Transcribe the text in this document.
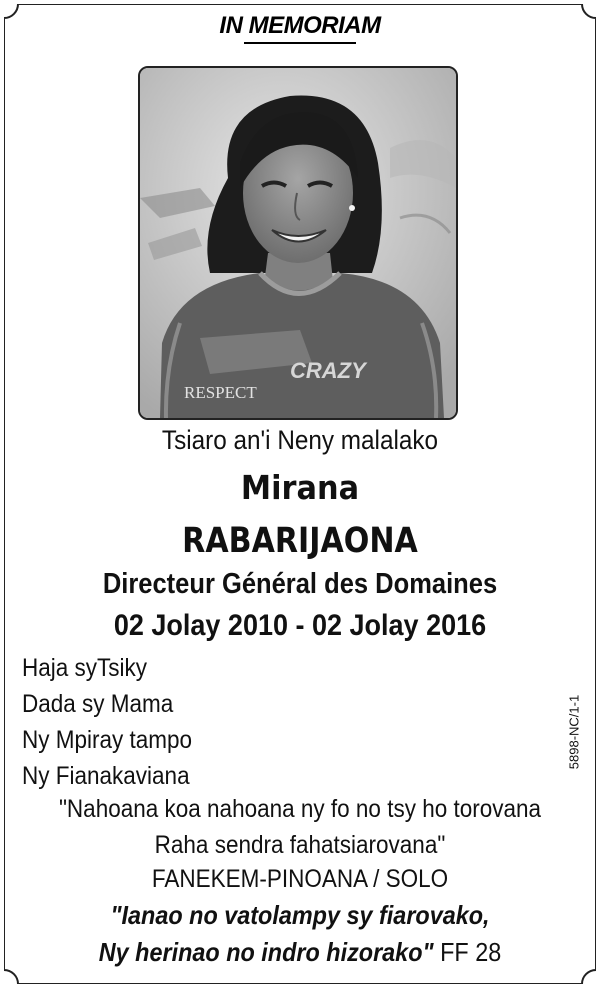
IN MEMORIAM
CRAZY
RESPECT
Tsiaro an'i Neny malalako
Mirana
RABARIJAONA
Directeur Général des Domaines
02 Jolay 2010 - 02 Jolay 2016
Haja syTsiky
Dada sy Mama
Ny Mpiray tampo
Ny Fianakaviana
5898-NC/1-1
"Nahoana koa nahoana ny fo no tsy ho torovana
Raha sendra fahatsiarovana"
FANEKEM-PINOANA / SOLO
"Ianao no vatolampy sy fiarovako,
Ny herinao no indro hizorako" FF 28
